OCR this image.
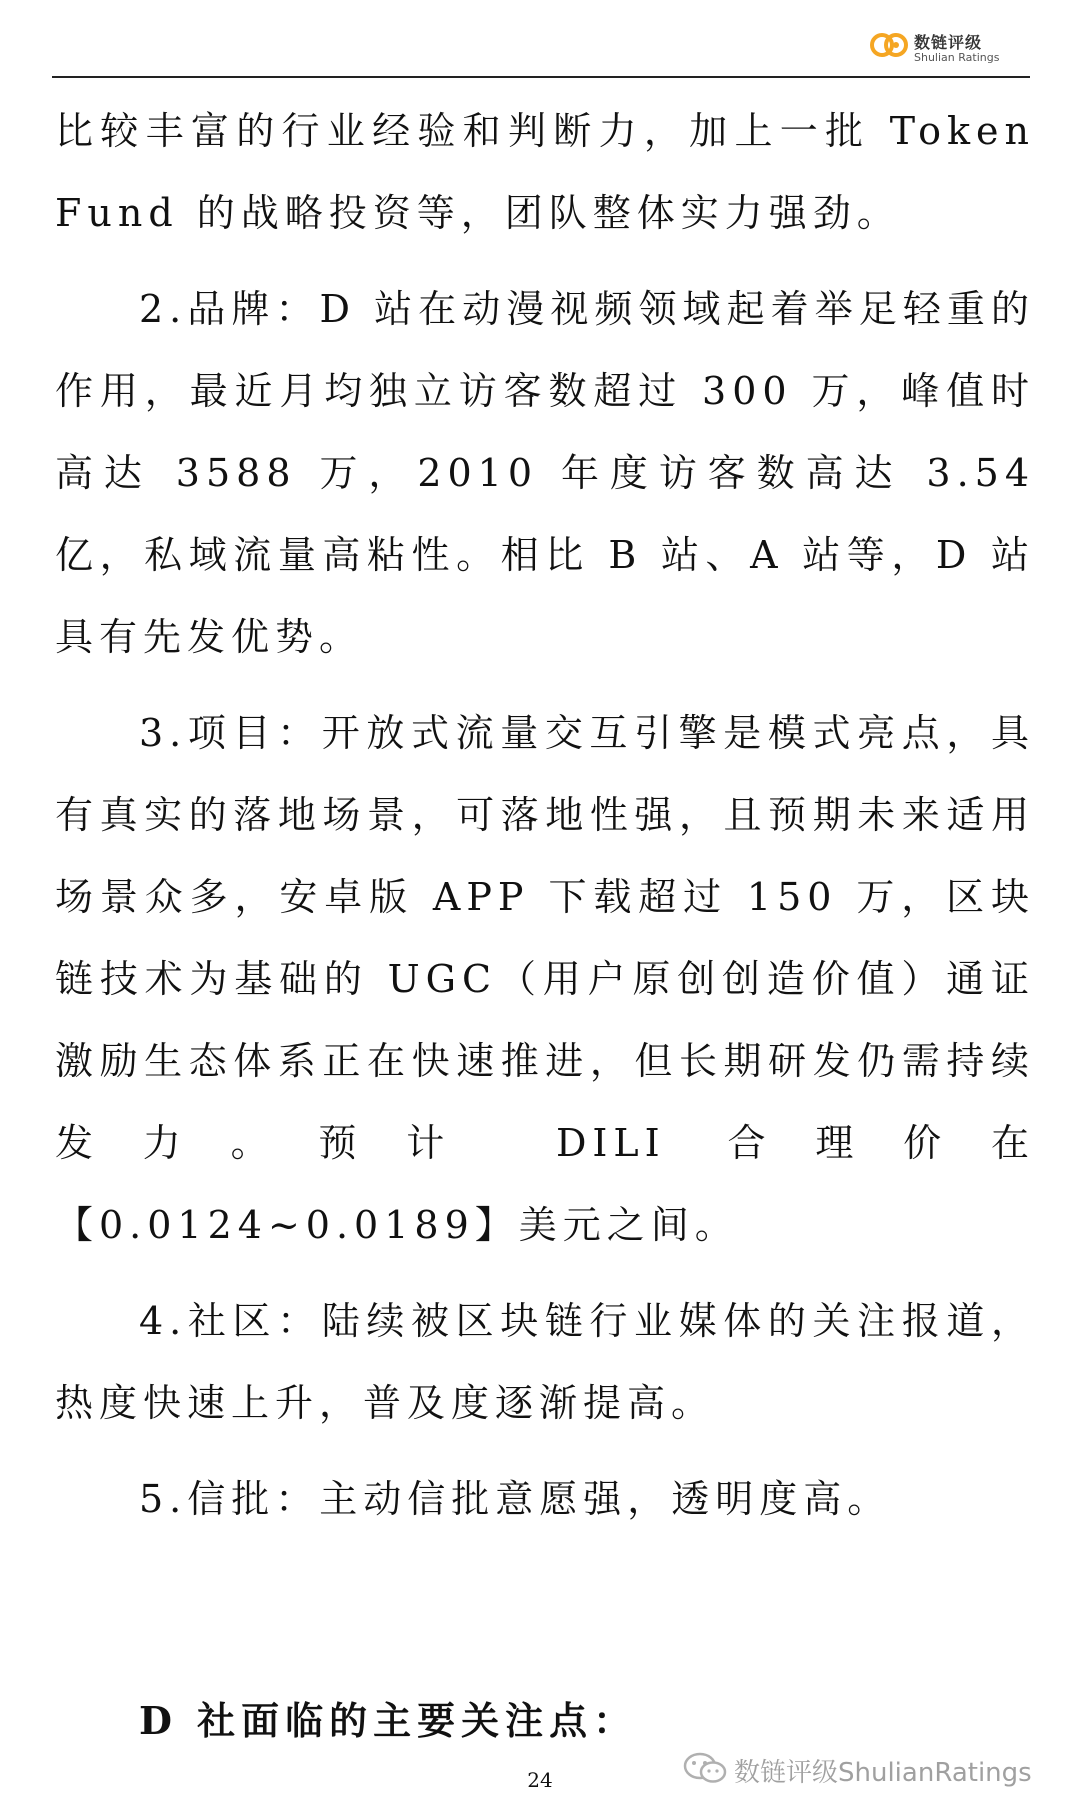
数链评级
Shulian Ratings

比较丰富的行业经验和判断力，加上一批 Token Fund 的战略投资等，团队整体实力强劲。

2.品牌：D 站在动漫视频领域起着举足轻重的作用，最近月均独立访客数超过 300 万，峰值时高达 3588 万，2010 年度访客数高达 3.54 亿，私域流量高粘性。相比 B 站、A 站等，D 站具有先发优势。

3.项目：开放式流量交互引擎是模式亮点，具有真实的落地场景，可落地性强，且预期未来适用场景众多，安卓版 APP 下载超过 150 万，区块链技术为基础的 UGC（用户原创创造价值）通证激励生态体系正在快速推进，但长期研发仍需持续发力。预计 DILI 合理价在【0.0124~0.0189】美元之间。

4.社区：陆续被区块链行业媒体的关注报道，热度快速上升，普及度逐渐提高。

5.信批：主动信批意愿强，透明度高。

D 社面临的主要关注点：

24	数链评级ShulianRatings
